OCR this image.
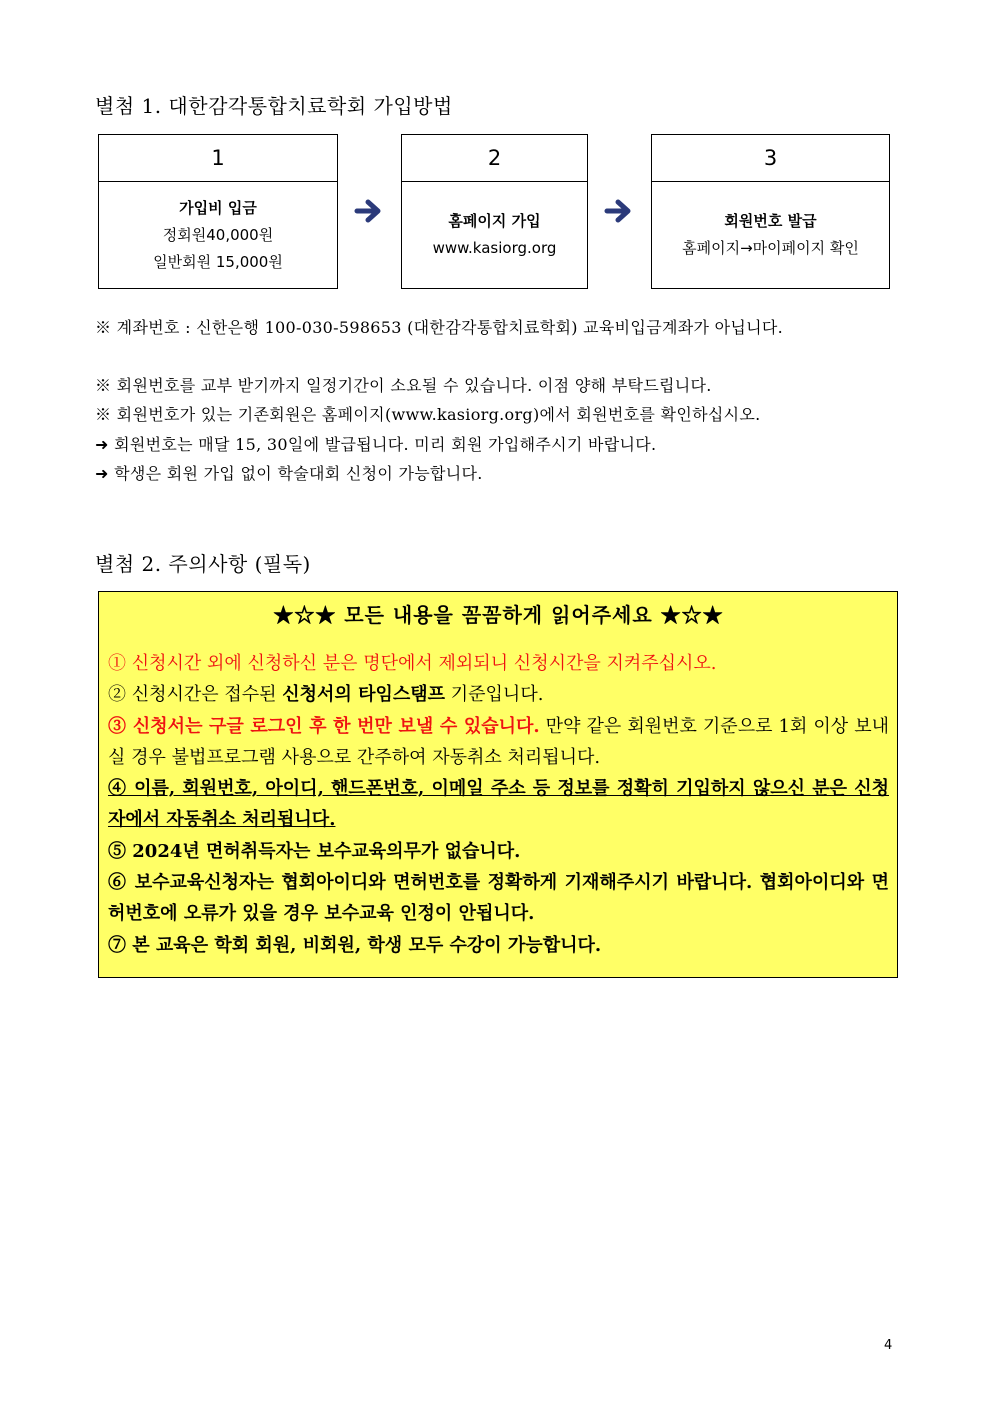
별첨 1. 대한감각통합치료학회 가입방법
1
가입비 입금
정회원40,000원
일반회원 15,000원
2
홈페이지 가입
www.kasiorg.org
3
회원번호 발급
홈페이지→마이페이지 확인
※ 계좌번호 : 신한은행 100-030-598653 (대한감각통합치료학회) 교육비입금계좌가 아닙니다.
※ 회원번호를 교부 받기까지 일정기간이 소요될 수 있습니다. 이점 양해 부탁드립니다.
※ 회원번호가 있는 기존회원은 홈페이지(www.kasiorg.org)에서 회원번호를 확인하십시오.
➜ 회원번호는 매달 15, 30일에 발급됩니다. 미리 회원 가입해주시기 바랍니다.
➜ 학생은 회원 가입 없이 학술대회 신청이 가능합니다.
별첨 2. 주의사항 (필독)
★☆★ 모든 내용을 꼼꼼하게 읽어주세요 ★☆★
① 신청시간 외에 신청하신 분은 명단에서 제외되니 신청시간을 지켜주십시오.
② 신청시간은 접수된 신청서의 타임스탬프 기준입니다.
③ 신청서는 구글 로그인 후 한 번만 보낼 수 있습니다. 만약 같은 회원번호 기준으로 1회 이상 보내실 경우 불법프로그램 사용으로 간주하여 자동취소 처리됩니다.
④ 이름, 회원번호, 아이디, 핸드폰번호, 이메일 주소 등 정보를 정확히 기입하지 않으신 분은 신청자에서 자동취소 처리됩니다.
⑤ 2024년 면허취득자는 보수교육의무가 없습니다.
⑥ 보수교육신청자는 협회아이디와 면허번호를 정확하게 기재해주시기 바랍니다. 협회아이디와 면허번호에 오류가 있을 경우 보수교육 인정이 안됩니다.
⑦ 본 교육은 학회 회원, 비회원, 학생 모두 수강이 가능합니다.
4
